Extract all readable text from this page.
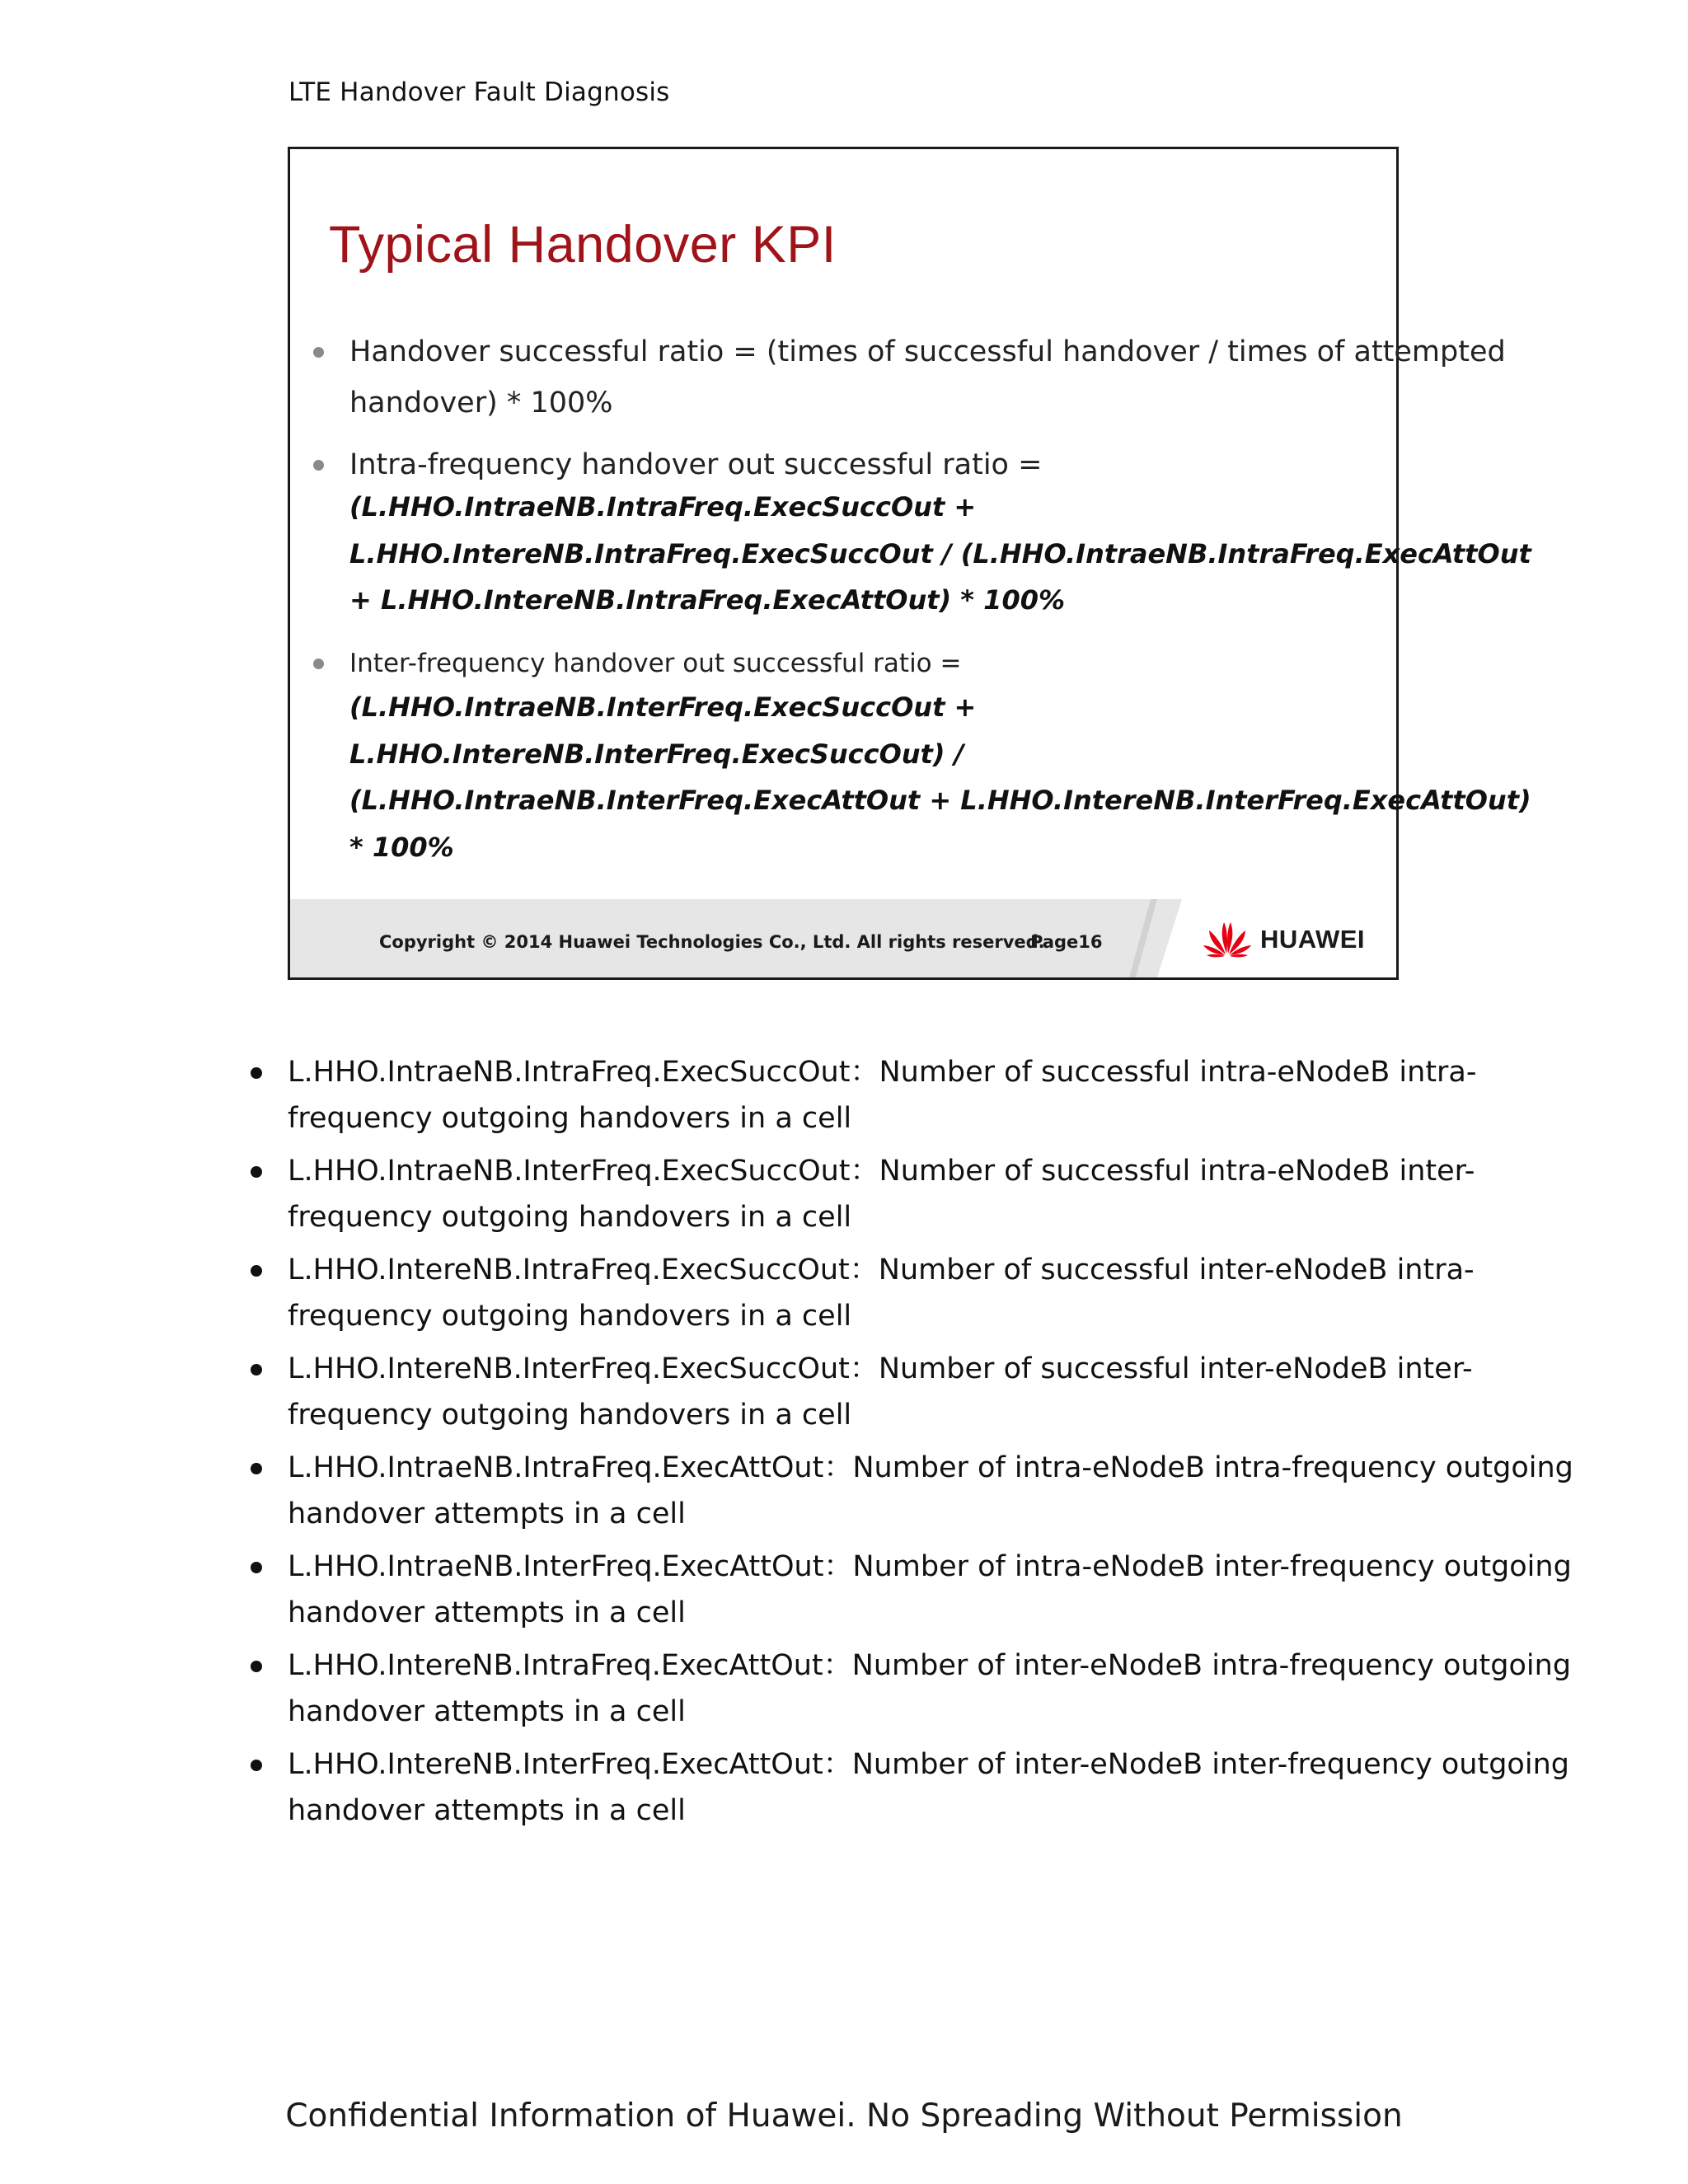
LTE Handover Fault Diagnosis
Typical Handover KPI
Handover successful ratio = (times of successful handover / times of attempted
handover) * 100%
Intra-frequency handover out successful ratio =
(L.HHO.IntraeNB.IntraFreq.ExecSuccOut +
L.HHO.IntereNB.IntraFreq.ExecSuccOut / (L.HHO.IntraeNB.IntraFreq.ExecAttOut
+ L.HHO.IntereNB.IntraFreq.ExecAttOut) * 100%
Inter-frequency handover out successful ratio =
(L.HHO.IntraeNB.InterFreq.ExecSuccOut +
L.HHO.IntereNB.InterFreq.ExecSuccOut) /
(L.HHO.IntraeNB.InterFreq.ExecAttOut + L.HHO.IntereNB.InterFreq.ExecAttOut)
* 100%
Copyright © 2014 Huawei Technologies Co., Ltd. All rights reserved.
Page16	HUAWEI
L.HHO.IntraeNB.IntraFreq.ExecSuccOut：Number of successful intra-eNodeB intra-
frequency outgoing handovers in a cell
L.HHO.IntraeNB.InterFreq.ExecSuccOut：Number of successful intra-eNodeB inter-
frequency outgoing handovers in a cell
L.HHO.IntereNB.IntraFreq.ExecSuccOut：Number of successful inter-eNodeB intra-
frequency outgoing handovers in a cell
L.HHO.IntereNB.InterFreq.ExecSuccOut：Number of successful inter-eNodeB inter-
frequency outgoing handovers in a cell
L.HHO.IntraeNB.IntraFreq.ExecAttOut：Number of intra-eNodeB intra-frequency outgoing
handover attempts in a cell
L.HHO.IntraeNB.InterFreq.ExecAttOut：Number of intra-eNodeB inter-frequency outgoing
handover attempts in a cell
L.HHO.IntereNB.IntraFreq.ExecAttOut：Number of inter-eNodeB intra-frequency outgoing
handover attempts in a cell
L.HHO.IntereNB.InterFreq.ExecAttOut：Number of inter-eNodeB inter-frequency outgoing
handover attempts in a cell
Confidential Information of Huawei. No Spreading Without Permission
